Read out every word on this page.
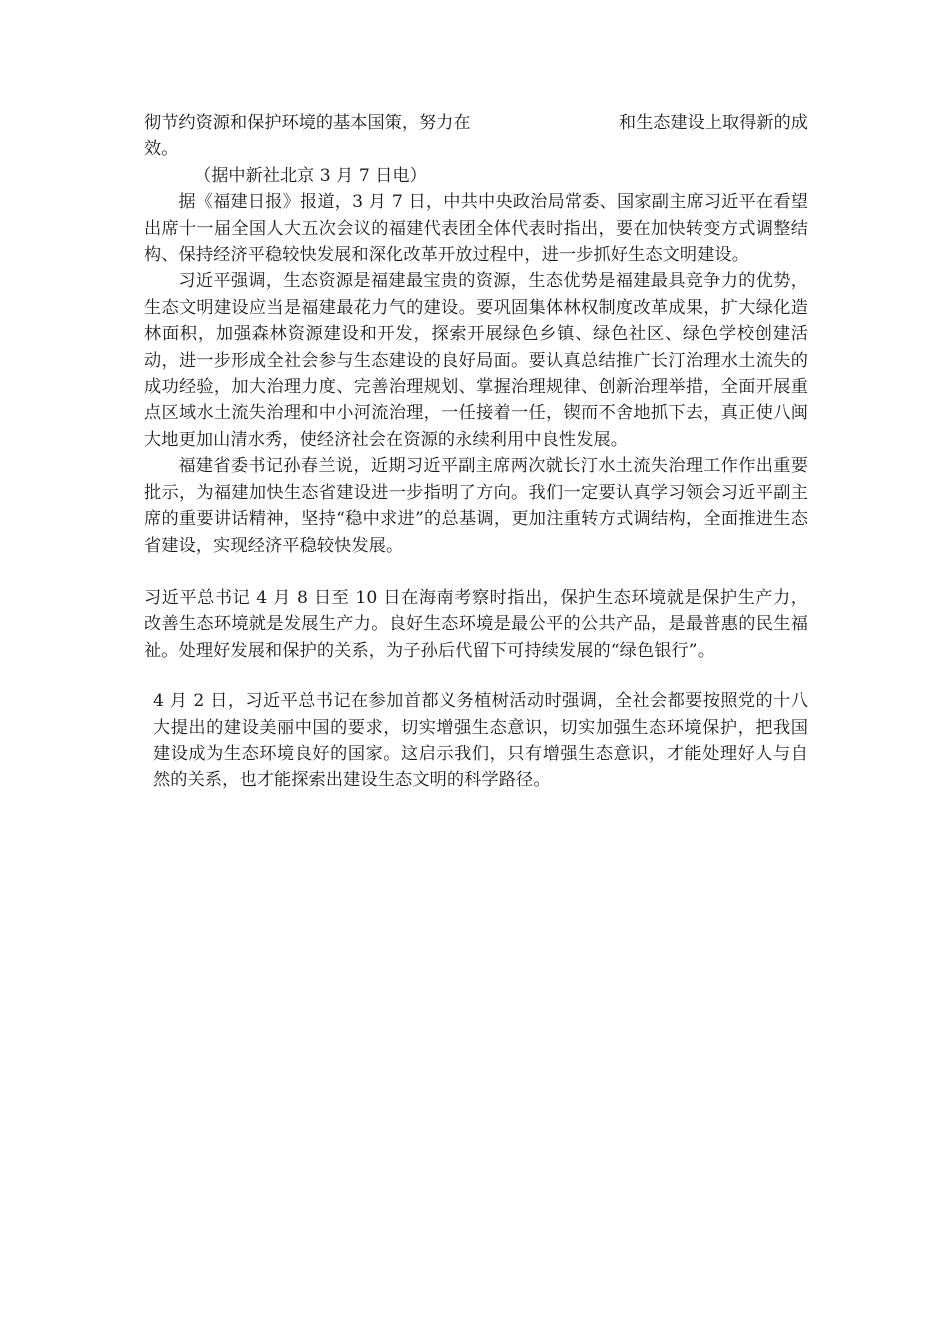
彻节约资源和保护环境的基本国策，努力在	和生态建设上取得新的成

效。

（据中新社北京 3 月 7 日电）

据《福建日报》报道，3 月 7 日，中共中央政治局常委、国家副主席习近平在看望出席十一届全国人大五次会议的福建代表团全体代表时指出，要在加快转变方式调整结构、保持经济平稳较快发展和深化改革开放过程中，进一步抓好生态文明建设。

习近平强调，生态资源是福建最宝贵的资源，生态优势是福建最具竞争力的优势，生态文明建设应当是福建最花力气的建设。要巩固集体林权制度改革成果，扩大绿化造林面积，加强森林资源建设和开发，探索开展绿色乡镇、绿色社区、绿色学校创建活动，进一步形成全社会参与生态建设的良好局面。要认真总结推广长汀治理水土流失的成功经验，加大治理力度、完善治理规划、掌握治理规律、创新治理举措，全面开展重点区域水土流失治理和中小河流治理，一任接着一任，锲而不舍地抓下去，真正使八闽大地更加山清水秀，使经济社会在资源的永续利用中良性发展。

福建省委书记孙春兰说，近期习近平副主席两次就长汀水土流失治理工作作出重要批示，为福建加快生态省建设进一步指明了方向。我们一定要认真学习领会习近平副主席的重要讲话精神，坚持“稳中求进”的总基调，更加注重转方式调结构，全面推进生态省建设，实现经济平稳较快发展。

习近平总书记 4 月 8 日至 10 日在海南考察时指出，保护生态环境就是保护生产力，改善生态环境就是发展生产力。良好生态环境是最公平的公共产品，是最普惠的民生福祉。处理好发展和保护的关系，为子孙后代留下可持续发展的“绿色银行”。

4 月 2 日，习近平总书记在参加首都义务植树活动时强调，全社会都要按照党的十八大提出的建设美丽中国的要求，切实增强生态意识，切实加强生态环境保护，把我国建设成为生态环境良好的国家。这启示我们，只有增强生态意识，才能处理好人与自然的关系，也才能探索出建设生态文明的科学路径。
